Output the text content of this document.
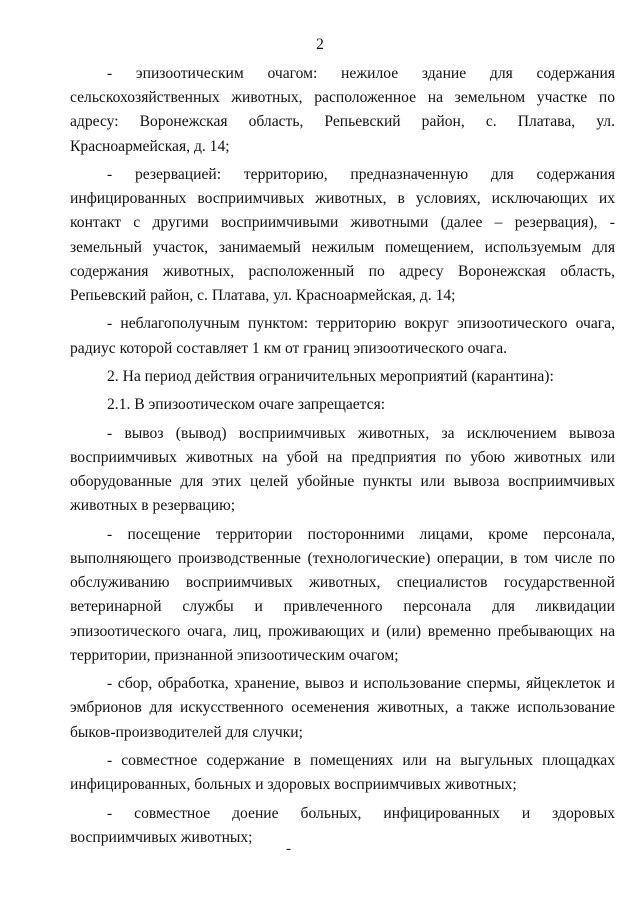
2

- эпизоотическим очагом: нежилое здание для содержания сельскохозяйственных животных, расположенное на земельном участке по адресу: Воронежская область, Репьевский район, с. Платава, ул. Красноармейская, д. 14;

- резервацией: территорию, предназначенную для содержания инфицированных восприимчивых животных, в условиях, исключающих их контакт с другими восприимчивыми животными (далее – резервация), - земельный участок, занимаемый нежилым помещением, используемым для содержания животных, расположенный по адресу Воронежская область, Репьевский район, с. Платава, ул. Красноармейская, д. 14;

- неблагополучным пунктом: территорию вокруг эпизоотического очага, радиус которой составляет 1 км от границ эпизоотического очага.

2. На период действия ограничительных мероприятий (карантина):

2.1. В эпизоотическом очаге запрещается:

- вывоз (вывод) восприимчивых животных, за исключением вывоза восприимчивых животных на убой на предприятия по убою животных или оборудованные для этих целей убойные пункты или вывоза восприимчивых животных в резервацию;

- посещение территории посторонними лицами, кроме персонала, выполняющего производственные (технологические) операции, в том числе по обслуживанию восприимчивых животных, специалистов государственной ветеринарной службы и привлеченного персонала для ликвидации эпизоотического очага, лиц, проживающих и (или) временно пребывающих на территории, признанной эпизоотическим очагом;

- сбор, обработка, хранение, вывоз и использование спермы, яйцеклеток и эмбрионов для искусственного осеменения животных, а также использование быков-производителей для случки;

- совместное содержание в помещениях или на выгульных площадках инфицированных, больных и здоровых восприимчивых животных;

- совместное доение больных, инфицированных и здоровых восприимчивых животных;

-
